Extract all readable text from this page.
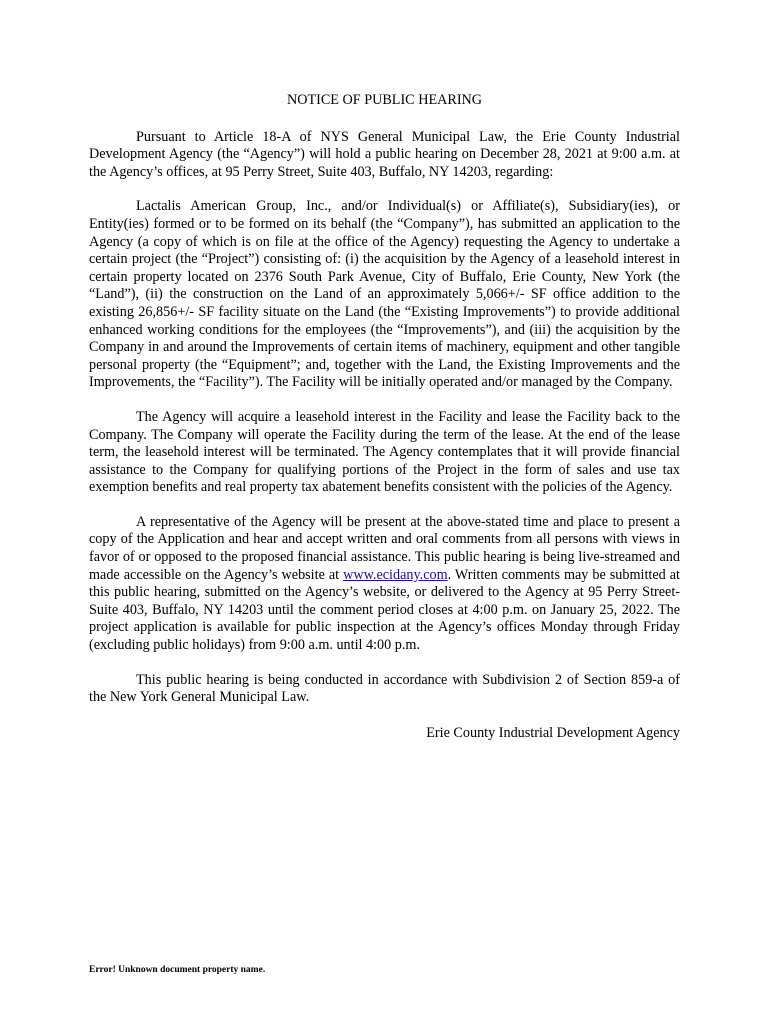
NOTICE OF PUBLIC HEARING

Pursuant to Article 18-A of NYS General Municipal Law, the Erie County Industrial Development Agency (the “Agency”) will hold a public hearing on December 28, 2021 at 9:00 a.m. at the Agency’s offices, at 95 Perry Street, Suite 403, Buffalo, NY 14203, regarding:

Lactalis American Group, Inc., and/or Individual(s) or Affiliate(s), Subsidiary(ies), or Entity(ies) formed or to be formed on its behalf (the “Company”), has submitted an application to the Agency (a copy of which is on file at the office of the Agency) requesting the Agency to undertake a certain project (the “Project”) consisting of: (i) the acquisition by the Agency of a leasehold interest in certain property located on 2376 South Park Avenue, City of Buffalo, Erie County, New York (the “Land”), (ii) the construction on the Land of an approximately 5,066+/- SF office addition to the existing 26,856+/- SF facility situate on the Land (the “Existing Improvements”) to provide additional enhanced working conditions for the employees (the “Improvements”), and (iii) the acquisition by the Company in and around the Improvements of certain items of machinery, equipment and other tangible personal property (the “Equipment”; and, together with the Land, the Existing Improvements and the Improvements, the “Facility”). The Facility will be initially operated and/or managed by the Company.

The Agency will acquire a leasehold interest in the Facility and lease the Facility back to the Company. The Company will operate the Facility during the term of the lease. At the end of the lease term, the leasehold interest will be terminated. The Agency contemplates that it will provide financial assistance to the Company for qualifying portions of the Project in the form of sales and use tax exemption benefits and real property tax abatement benefits consistent with the policies of the Agency.

A representative of the Agency will be present at the above-stated time and place to present a copy of the Application and hear and accept written and oral comments from all persons with views in favor of or opposed to the proposed financial assistance. This public hearing is being live-streamed and made accessible on the Agency’s website at www.ecidany.com. Written comments may be submitted at this public hearing, submitted on the Agency’s website, or delivered to the Agency at 95 Perry Street-Suite 403, Buffalo, NY 14203 until the comment period closes at 4:00 p.m. on January 25, 2022. The project application is available for public inspection at the Agency’s offices Monday through Friday (excluding public holidays) from 9:00 a.m. until 4:00 p.m.

This public hearing is being conducted in accordance with Subdivision 2 of Section 859-a of the New York General Municipal Law.

Erie County Industrial Development Agency
Error! Unknown document property name.
